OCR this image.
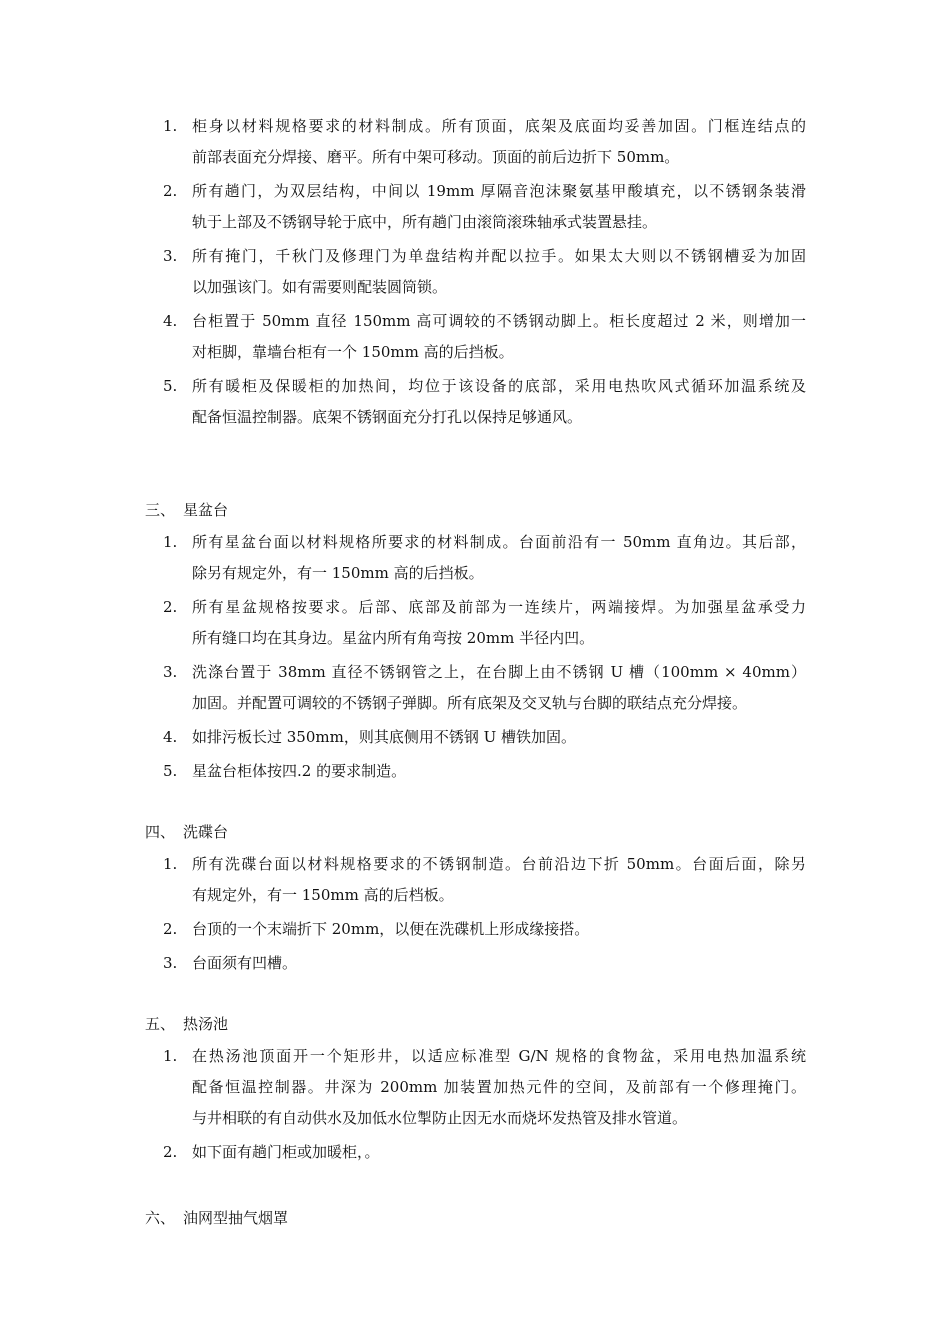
1. 柜身以材料规格要求的材料制成。所有顶面，底架及底面均妥善加固。门框连结点的
前部表面充分焊接、磨平。所有中架可移动。顶面的前后边折下 50mm。
2. 所有趟门，为双层结构，中间以 19mm 厚隔音泡沫聚氨基甲酸填充，以不锈钢条装滑
轨于上部及不锈钢导轮于底中，所有趟门由滚筒滚珠轴承式装置悬挂。
3. 所有掩门，千秋门及修理门为单盘结构并配以拉手。如果太大则以不锈钢槽妥为加固
以加强该门。如有需要则配装圆筒锁。
4. 台柜置于 50mm 直径 150mm 高可调较的不锈钢动脚上。柜长度超过 2 米，则增加一
对柜脚，靠墙台柜有一个 150mm 高的后挡板。
5. 所有暖柜及保暖柜的加热间，均位于该设备的底部，采用电热吹风式循环加温系统及
配备恒温控制器。底架不锈钢面充分打孔以保持足够通风。
三、 星盆台
1. 所有星盆台面以材料规格所要求的材料制成。台面前沿有一 50mm 直角边。其后部，
除另有规定外，有一 150mm 高的后挡板。
2. 所有星盆规格按要求。后部、底部及前部为一连续片，两端接焊。为加强星盆承受力
所有缝口均在其身边。星盆内所有角弯按 20mm 半径内凹。
3. 洗涤台置于 38mm 直径不锈钢管之上，在台脚上由不锈钢 U 槽（100mm × 40mm）
加固。并配置可调较的不锈钢子弹脚。所有底架及交叉轨与台脚的联结点充分焊接。
4. 如排污板长过 350mm，则其底侧用不锈钢 U 槽铁加固。
5. 星盆台柜体按四.2 的要求制造。
四、 洗碟台
1. 所有洗碟台面以材料规格要求的不锈钢制造。台前沿边下折 50mm。台面后面，除另
有规定外，有一 150mm 高的后档板。
2. 台顶的一个末端折下 20mm，以便在洗碟机上形成缘接搭。
3. 台面须有凹槽。
五、 热汤池
1. 在热汤池顶面开一个矩形井，以适应标准型 G/N 规格的食物盆，采用电热加温系统
配备恒温控制器。井深为 200mm 加装置加热元件的空间，及前部有一个修理掩门。
与井相联的有自动供水及加低水位掣防止因无水而烧坏发热管及排水管道。
2. 如下面有趟门柜或加暖柜，。
六、 油网型抽气烟罩
